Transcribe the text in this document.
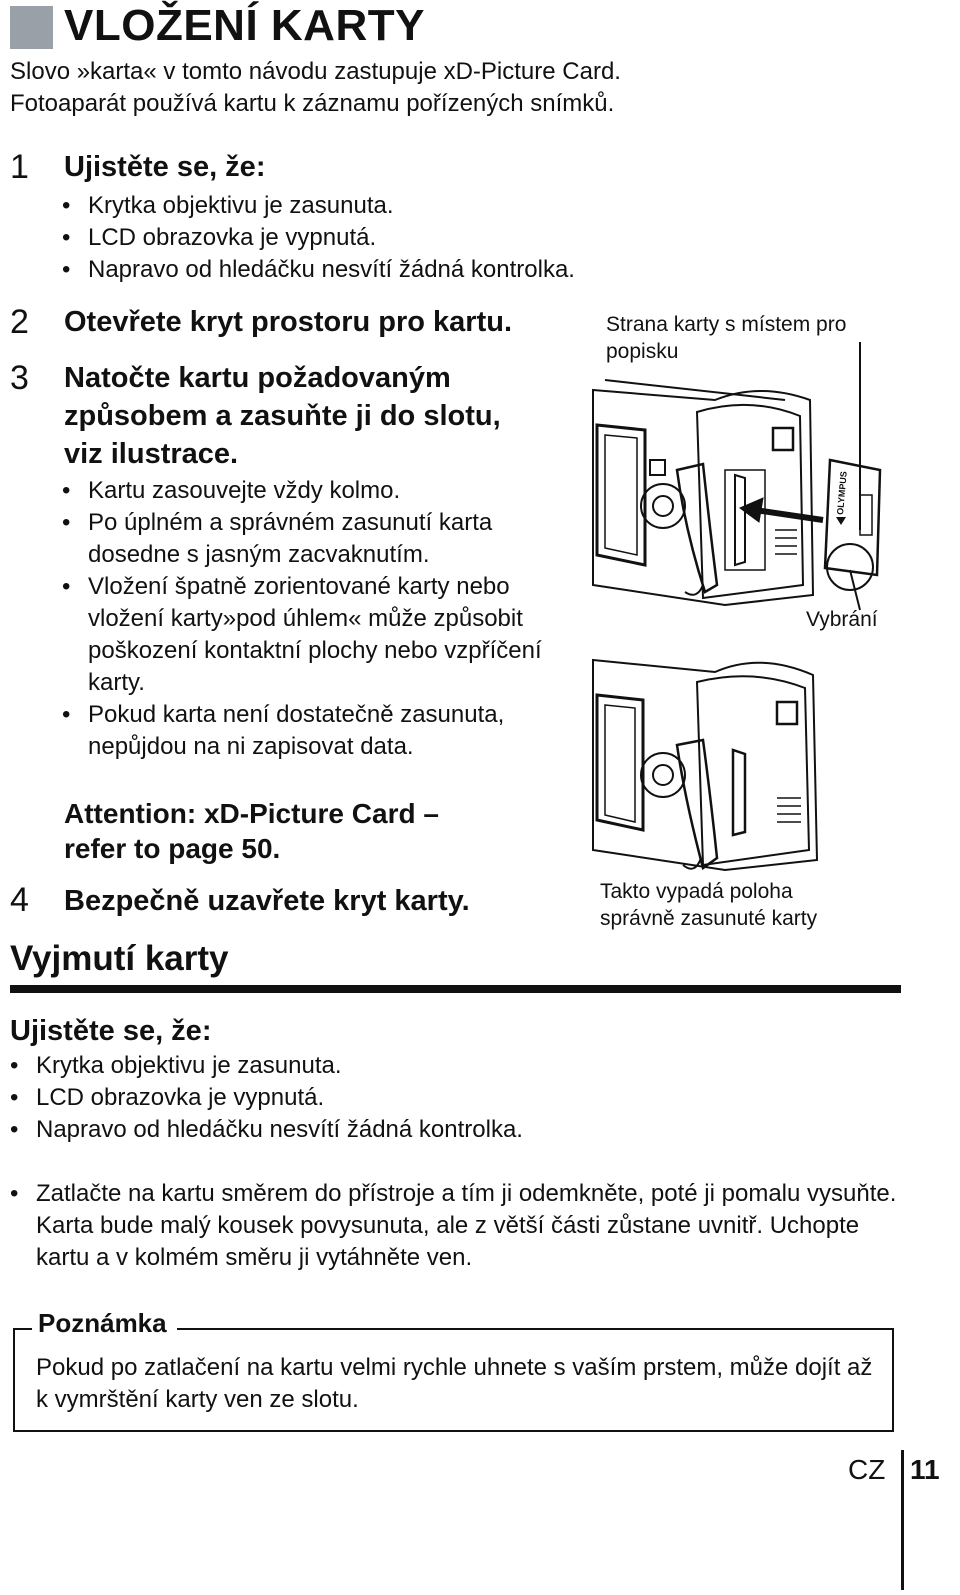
VLOŽENÍ KARTY
Slovo »karta« v tomto návodu zastupuje xD-Picture Card.
Fotoaparát používá kartu k záznamu pořízených snímků.
1 Ujistěte se, že:
• Krytka objektivu je zasunuta.
• LCD obrazovka je vypnutá.
• Napravo od hledáčku nesvítí žádná kontrolka.
2 Otevřete kryt prostoru pro kartu.
3 Natočte kartu požadovaným
způsobem a zasuňte ji do slotu,
viz ilustrace.
• Kartu zasouvejte vždy kolmo.
• Po úplném a správném zasunutí karta dosedne s jasným zacvaknutím.
• Vložení špatně zorientované karty nebo vložení karty»pod úhlem« může způsobit poškození kontaktní plochy nebo vzpříčení karty.
• Pokud karta není dostatečně zasunuta, nepůjdou na ni zapisovat data.
Attention: xD-Picture Card –
refer to page 50.
4 Bezpečně uzavřete kryt karty.
Strana karty s místem pro
popisku
Vybrání
Takto vypadá poloha
správně zasunuté karty
OLYMPUS
Vyjmutí karty
Ujistěte se, že:
• Krytka objektivu je zasunuta.
• LCD obrazovka je vypnutá.
• Napravo od hledáčku nesvítí žádná kontrolka.
• Zatlačte na kartu směrem do přístroje a tím ji odemkněte, poté ji pomalu vysuňte. Karta bude malý kousek povysunuta, ale z větší části zůstane uvnitř. Uchopte kartu a v kolmém směru ji vytáhněte ven.
Poznámka
Pokud po zatlačení na kartu velmi rychle uhnete s vaším prstem, může dojít až k vymrštění karty ven ze slotu.
CZ 11
